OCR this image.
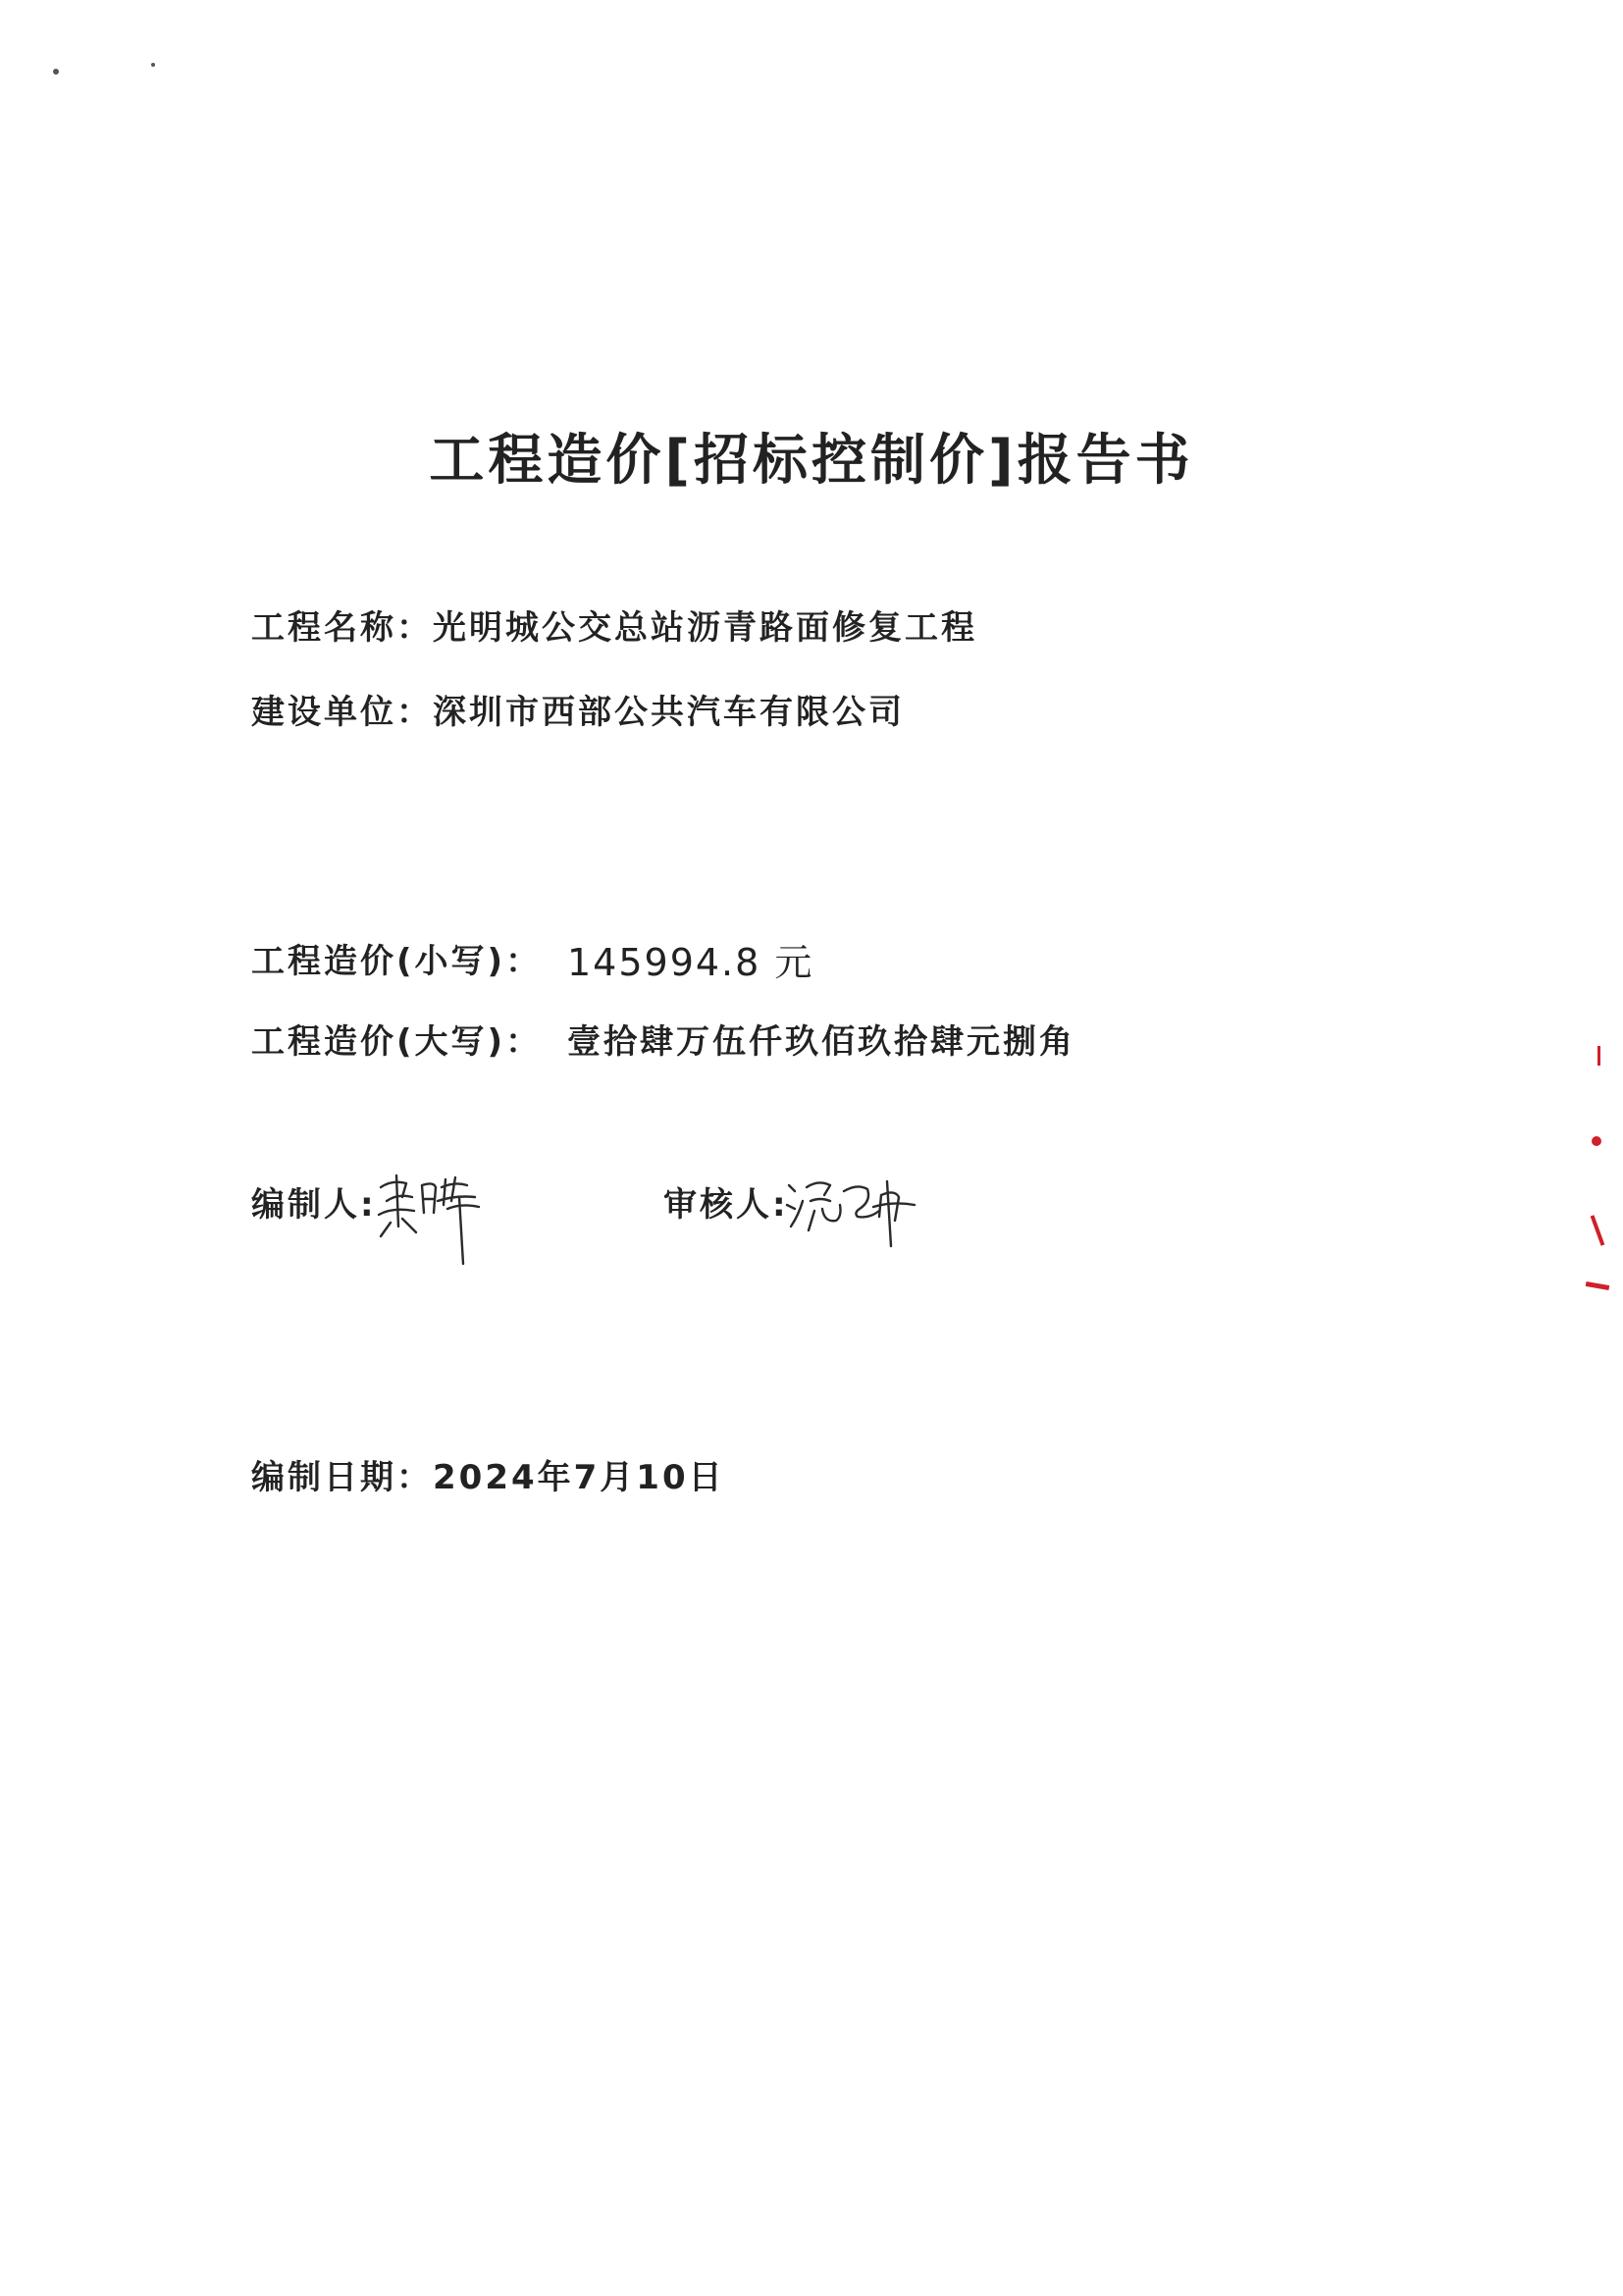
工程造价[招标控制价]报告书
工程名称：光明城公交总站沥青路面修复工程
建设单位：深圳市西部公共汽车有限公司
工程造价(小写)： 145994.8 元
工程造价(大写)： 壹拾肆万伍仟玖佰玖拾肆元捌角
编制人:	审核人:
编制日期：2024年7月10日
